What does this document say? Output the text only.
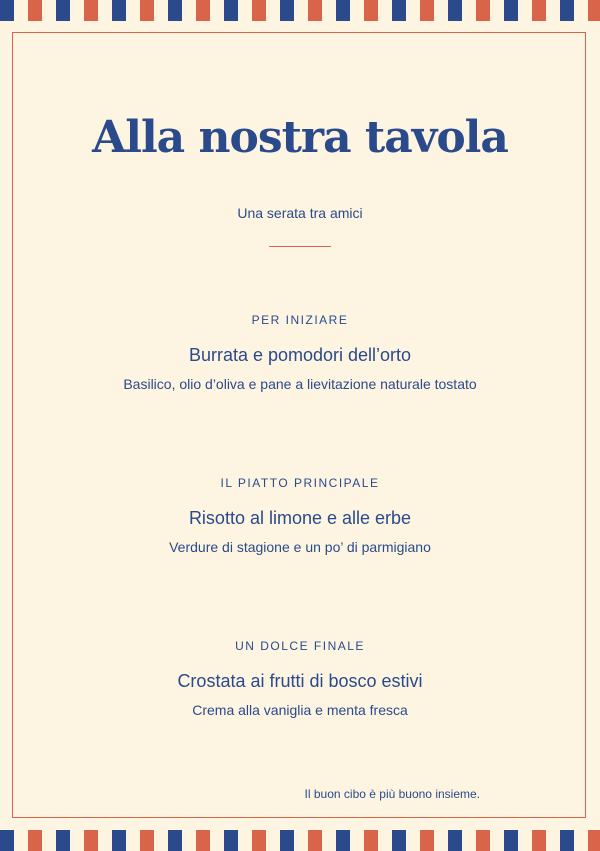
Alla nostra tavola
Una serata tra amici
PER INIZIARE
Burrata e pomodori dell’orto
Basilico, olio d’oliva e pane a lievitazione naturale tostato
IL PIATTO PRINCIPALE
Risotto al limone e alle erbe
Verdure di stagione e un po’ di parmigiano
UN DOLCE FINALE
Crostata ai frutti di bosco estivi
Crema alla vaniglia e menta fresca
Il buon cibo è più buono insieme.
